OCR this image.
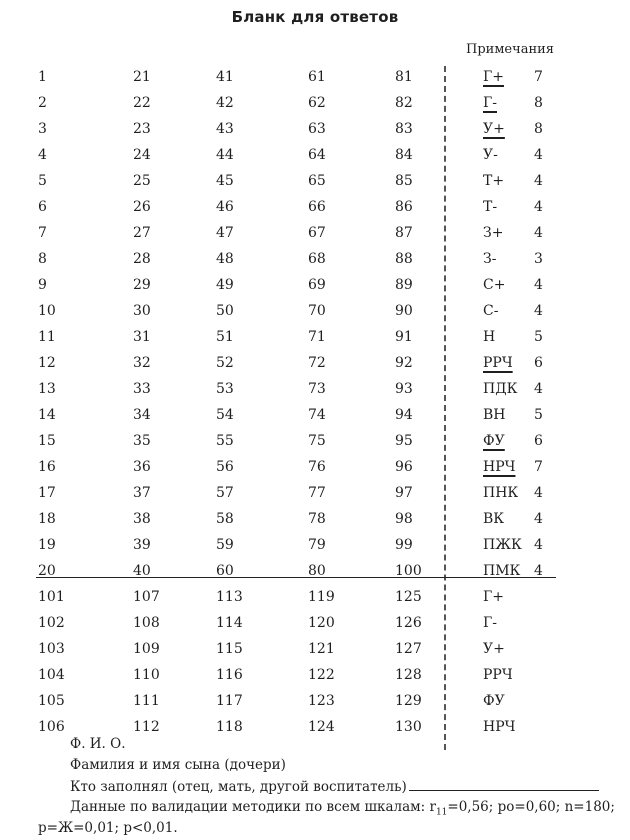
Бланк для ответов
Примечания
1	21	41	61	81	Г+ 7
2	22	42	62	82	Г-	8
3	23	43	63	83	У+ 8
4	24	44	64	84	У-	4
5	25	45	65	85	Т+ 4
6	26	46	66	86	Т-	4
7	27	47	67	87	З+ 4
8	28	48	68	88	З-	3
9	29	49	69	89	С+ 4
10	30	50	70	90	С-	4
11	31	51	71	91	Н	5
12	32	52	72	92	РРЧ 6
13	33	53	73	93	ПДК 4
14	34	54	74	94	ВН 5
15	35	55	75	95	ФУ 6
16	36	56	76	96	НРЧ 7
17	37	57	77	97	ПНК 4
18	38	58	78	98	ВК 4
19	39	59	79	99	ПЖК 4
20	40	60	80	100	ПМК 4
101	107	113	119	125	Г+
102	108	114	120	126	Г-
103	109	115	121	127	У+
104	110	116	122	128	РРЧ
105	111	117	123	129	ФУ
106	112	118	124	130	НРЧ
Ф. И. О.
Фамилия и имя сына (дочери)
Кто заполнял (отец, мать, другой воспитатель)
Данные по валидации методики по всем шкалам: $r_{11}=0,56$; ро=0,60; n=180;
р=Ж=0,01; р<0,01.
